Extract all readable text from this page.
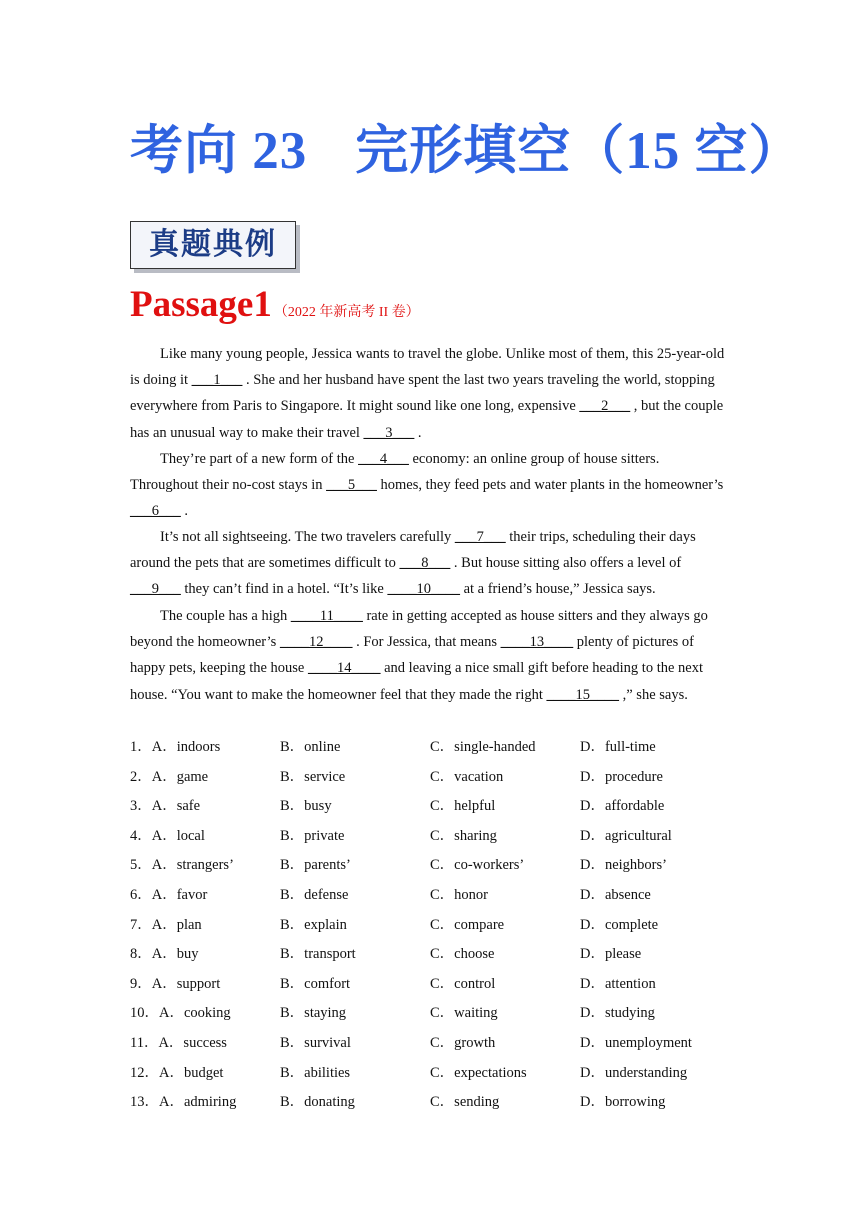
考向 23 完形填空（15 空）
真题典例
Passage1 （2022 年新高考 II 卷）
Like many young people, Jessica wants to travel the globe. Unlike most of them, this 25-year-old is doing it ___1___ . She and her husband have spent the last two years traveling the world, stopping everywhere from Paris to Singapore. It might sound like one long, expensive ___2___ , but the couple has an unusual way to make their travel ___3___ .
They’re part of a new form of the ___4___ economy: an online group of house sitters. Throughout their no-cost stays in ___5___ homes, they feed pets and water plants in the homeowner’s ___6___ .
It’s not all sightseeing. The two travelers carefully ___7___ their trips, scheduling their days around the pets that are sometimes difficult to ___8___ . But house sitting also offers a level of ___9___ they can’t find in a hotel. “It’s like ____10____ at a friend’s house,” Jessica says.
The couple has a high ____11____ rate in getting accepted as house sitters and they always go beyond the homeowner’s ____12____ . For Jessica, that means ____13____ plenty of pictures of happy pets, keeping the house ____14____ and leaving a nice small gift before heading to the next house. “You want to make the homeowner feel that they made the right ____15____ ,” she says.
1．A．indoors	B．online	C．single-handed	D．full-time
2．A．game	B．service	C．vacation	D．procedure
3．A．safe	B．busy	C．helpful	D．affordable
4．A．local	B．private	C．sharing	D．agricultural
5．A．strangers’	B．parents’	C．co-workers’	D．neighbors’
6．A．favor	B．defense	C．honor	D．absence
7．A．plan	B．explain	C．compare	D．complete
8．A．buy	B．transport	C．choose	D．please
9．A．support	B．comfort	C．control	D．attention
10．A．cooking	B．staying	C．waiting	D．studying
11．A．success	B．survival	C．growth	D．unemployment
12．A．budget	B．abilities	C．expectations	D．understanding
13．A．admiring	B．donating	C．sending	D．borrowing
